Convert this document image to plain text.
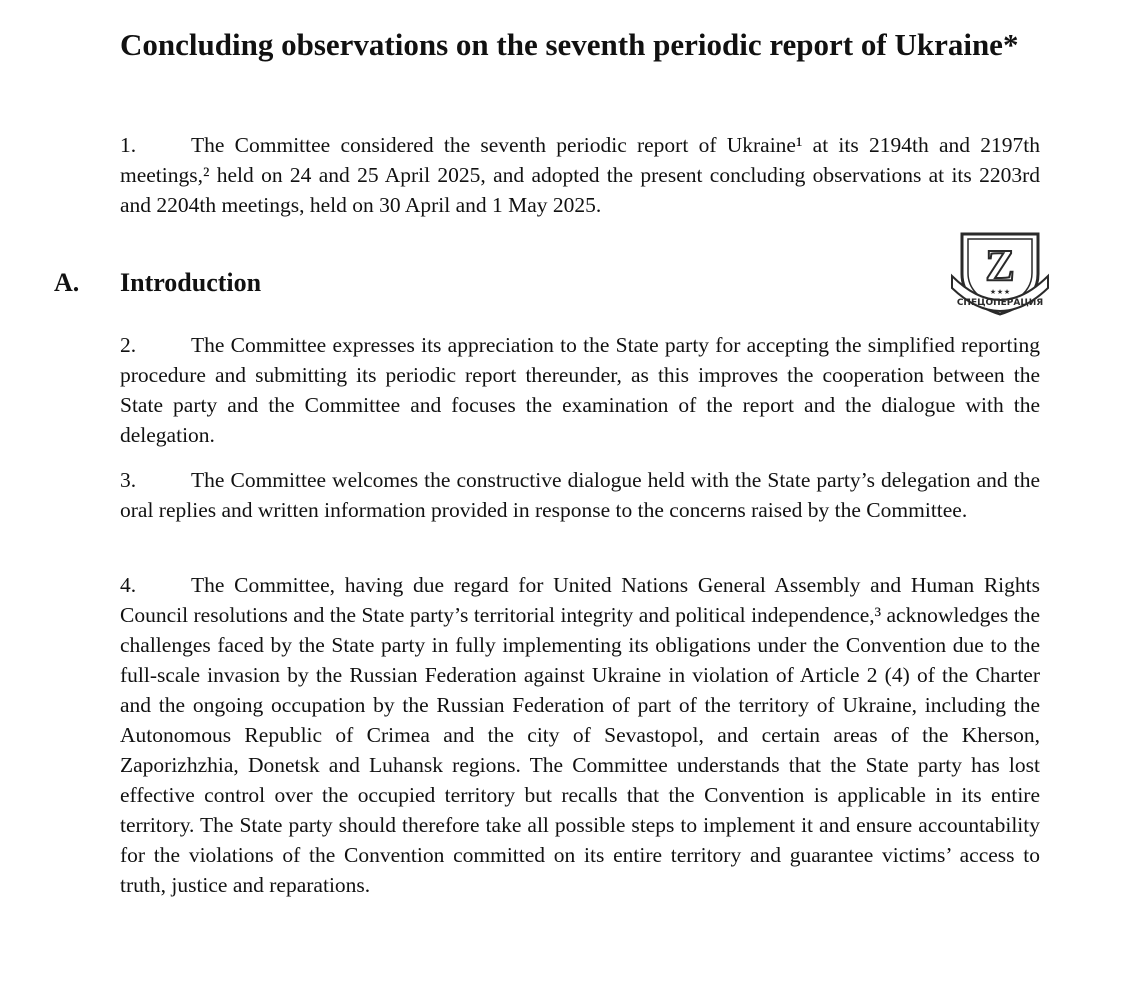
Concluding observations on the seventh periodic report of Ukraine*

1.	The Committee considered the seventh periodic report of Ukraine¹ at its 2194th and 2197th meetings,² held on 24 and 25 April 2025, and adopted the present concluding observations at its 2203rd and 2204th meetings, held on 30 April and 1 May 2025.

A. Introduction	Z
★ ★ ★
СПЕЦОПЕРАЦИЯ

2.	The Committee expresses its appreciation to the State party for accepting the simplified reporting procedure and submitting its periodic report thereunder, as this improves the cooperation between the State party and the Committee and focuses the examination of the report and the dialogue with the delegation.

3.	The Committee welcomes the constructive dialogue held with the State party’s delegation and the oral replies and written information provided in response to the concerns raised by the Committee.

4.	The Committee, having due regard for United Nations General Assembly and Human Rights Council resolutions and the State party’s territorial integrity and political independence,³ acknowledges the challenges faced by the State party in fully implementing its obligations under the Convention due to the full-scale invasion by the Russian Federation against Ukraine in violation of Article 2 (4) of the Charter and the ongoing occupation by the Russian Federation of part of the territory of Ukraine, including the Autonomous Republic of Crimea and the city of Sevastopol, and certain areas of the Kherson, Zaporizhzhia, Donetsk and Luhansk regions. The Committee understands that the State party has lost effective control over the occupied territory but recalls that the Convention is applicable in its entire territory. The State party should therefore take all possible steps to implement it and ensure accountability for the violations of the Convention committed on its entire territory and guarantee victims’ access to truth, justice and reparations.
